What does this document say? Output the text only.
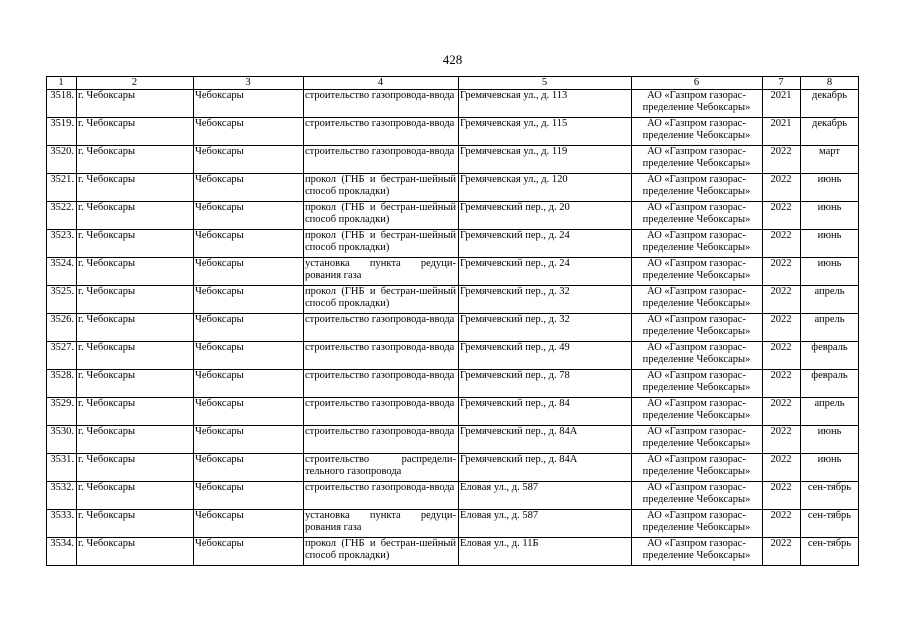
428
1	2	3	4	5	6	7	8
3518.	г. Чебоксары	Чебоксары	строительство газопровода-ввода	Гремячевская ул., д. 113	АО «Газпром газорас-пределение Чебоксары»	2021	декабрь
3519.	г. Чебоксары	Чебоксары	строительство газопровода-ввода	Гремячевская ул., д. 115	АО «Газпром газорас-пределение Чебоксары»	2021	декабрь
3520.	г. Чебоксары	Чебоксары	строительство газопровода-ввода	Гремячевская ул., д. 119	АО «Газпром газорас-пределение Чебоксары»	2022	март
3521.	г. Чебоксары	Чебоксары	прокол (ГНБ и бестран-шейный способ прокладки)	Гремячевская ул., д. 120	АО «Газпром газорас-пределение Чебоксары»	2022	июнь
3522.	г. Чебоксары	Чебоксары	прокол (ГНБ и бестран-шейный способ прокладки)	Гремячевский пер., д. 20	АО «Газпром газорас-пределение Чебоксары»	2022	июнь
3523.	г. Чебоксары	Чебоксары	прокол (ГНБ и бестран-шейный способ прокладки)	Гремячевский пер., д. 24	АО «Газпром газорас-пределение Чебоксары»	2022	июнь
3524.	г. Чебоксары	Чебоксары	установка пункта редуци-рования газа	Гремячевский пер., д. 24	АО «Газпром газорас-пределение Чебоксары»	2022	июнь
3525.	г. Чебоксары	Чебоксары	прокол (ГНБ и бестран-шейный способ прокладки)	Гремячевский пер., д. 32	АО «Газпром газорас-пределение Чебоксары»	2022	апрель
3526.	г. Чебоксары	Чебоксары	строительство газопровода-ввода	Гремячевский пер., д. 32	АО «Газпром газорас-пределение Чебоксары»	2022	апрель
3527.	г. Чебоксары	Чебоксары	строительство газопровода-ввода	Гремячевский пер., д. 49	АО «Газпром газорас-пределение Чебоксары»	2022	февраль
3528.	г. Чебоксары	Чебоксары	строительство газопровода-ввода	Гремячевский пер., д. 78	АО «Газпром газорас-пределение Чебоксары»	2022	февраль
3529.	г. Чебоксары	Чебоксары	строительство газопровода-ввода	Гремячевский пер., д. 84	АО «Газпром газорас-пределение Чебоксары»	2022	апрель
3530.	г. Чебоксары	Чебоксары	строительство газопровода-ввода	Гремячевский пер., д. 84А	АО «Газпром газорас-пределение Чебоксары»	2022	июнь
3531.	г. Чебоксары	Чебоксары	строительство распредели-тельного газопровода	Гремячевский пер., д. 84А	АО «Газпром газорас-пределение Чебоксары»	2022	июнь
3532.	г. Чебоксары	Чебоксары	строительство газопровода-ввода	Еловая ул., д. 587	АО «Газпром газорас-пределение Чебоксары»	2022	сен-тябрь
3533.	г. Чебоксары	Чебоксары	установка пункта редуци-рования газа	Еловая ул., д. 587	АО «Газпром газорас-пределение Чебоксары»	2022	сен-тябрь
3534.	г. Чебоксары	Чебоксары	прокол (ГНБ и бестран-шейный способ прокладки)	Еловая ул., д. 11Б	АО «Газпром газорас-пределение Чебоксары»	2022	сен-тябрь
